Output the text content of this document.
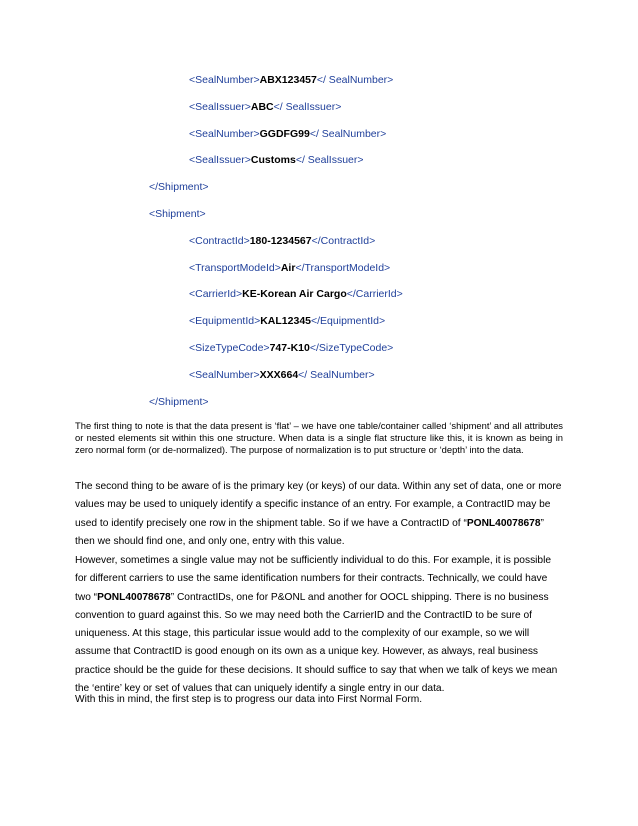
<SealNumber>ABX123457</ SealNumber>
<SealIssuer>ABC</ SealIssuer>
<SealNumber>GGDFG99</ SealNumber>
<SealIssuer>Customs</ SealIssuer>
</Shipment>
<Shipment>
<ContractId>180-1234567</ContractId>
<TransportModeId>Air</TransportModeId>
<CarrierId>KE-Korean Air Cargo</CarrierId>
<EquipmentId>KAL12345</EquipmentId>
<SizeTypeCode>747-K10</SizeTypeCode>
<SealNumber>XXX664</ SealNumber>
</Shipment>

The first thing to note is that the data present is ‘flat’ – we have one table/container called ‘shipment’ and all attributes or nested elements sit within this one structure. When data is a single flat structure like this, it is known as being in zero normal form (or de-normalized). The purpose of normalization is to put structure or ‘depth’ into the data.

The second thing to be aware of is the primary key (or keys) of our data. Within any set of data, one or more values may be used to uniquely identify a specific instance of an entry. For example, a ContractID may be used to identify precisely one row in the shipment table. So if we have a ContractID of “PONL40078678” then we should find one, and only one, entry with this value.

However, sometimes a single value may not be sufficiently individual to do this. For example, it is possible for different carriers to use the same identification numbers for their contracts. Technically, we could have two “PONL40078678” ContractIDs, one for P&ONL and another for OOCL shipping. There is no business convention to guard against this. So we may need both the CarrierID and the ContractID to be sure of uniqueness. At this stage, this particular issue would add to the complexity of our example, so we will assume that ContractID is good enough on its own as a unique key. However, as always, real business practice should be the guide for these decisions. It should suffice to say that when we talk of keys we mean the ‘entire’ key or set of values that can uniquely identify a single entry in our data.

With this in mind, the first step is to progress our data into First Normal Form.
